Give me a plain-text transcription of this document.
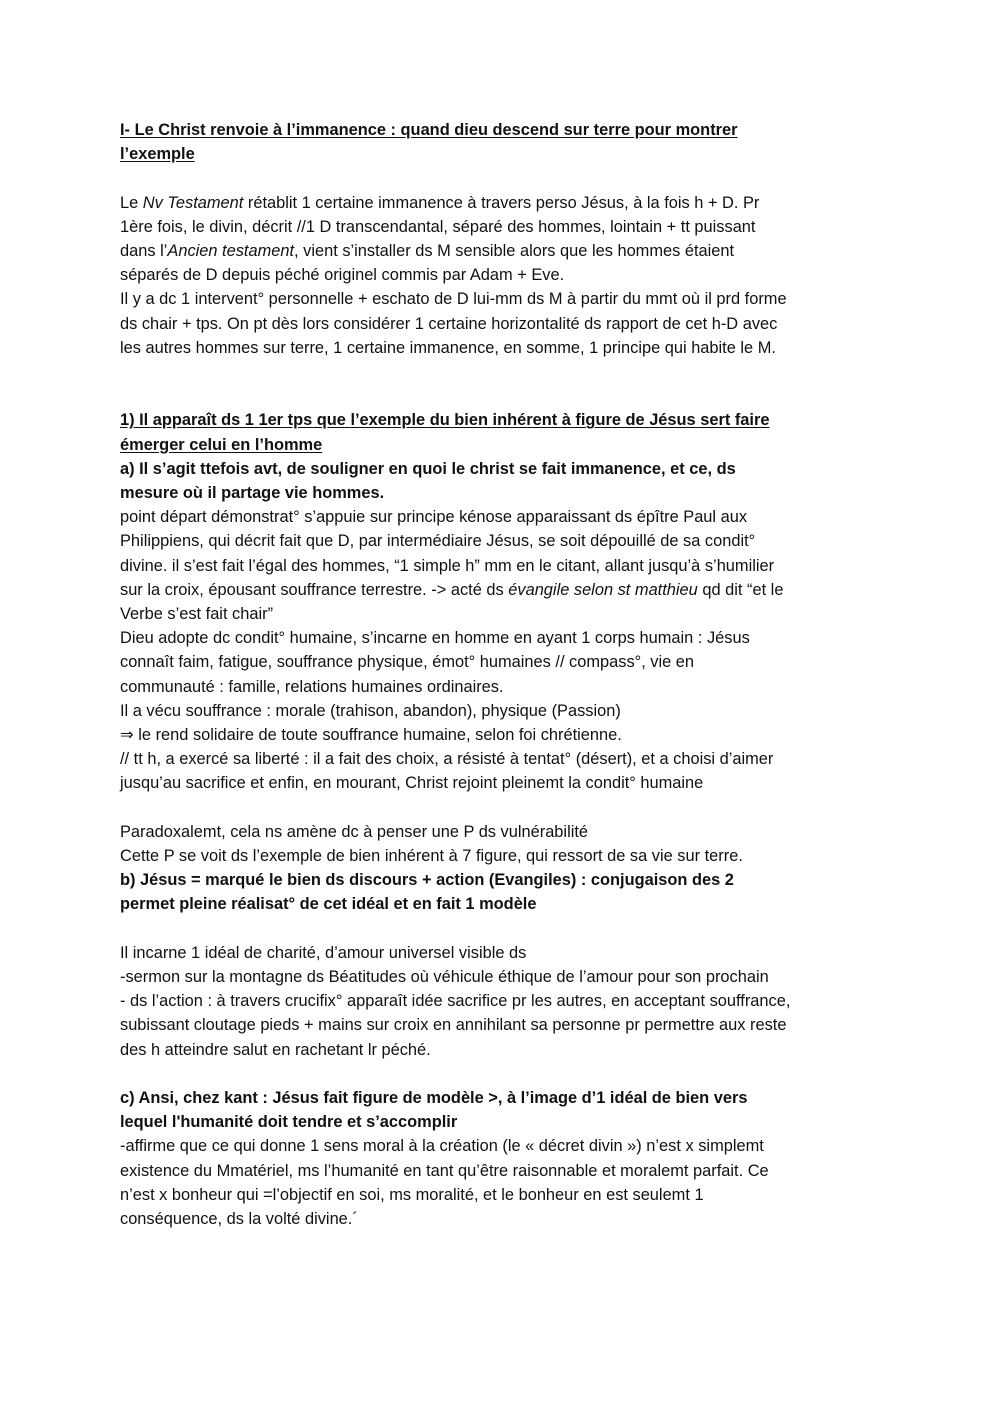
I- Le Christ renvoie à l’immanence : quand dieu descend sur terre pour montrer
l’exemple
Le Nv Testament rétablit 1 certaine immanence à travers perso Jésus, à la fois h + D. Pr
1ère fois, le divin, décrit //1 D transcendantal, séparé des hommes, lointain + tt puissant
dans l’Ancien testament, vient s’installer ds M sensible alors que les hommes étaient
séparés de D depuis péché originel commis par Adam + Eve.
Il y a dc 1 intervent° personnelle + eschato de D lui-mm ds M à partir du mmt où il prd forme
ds chair + tps. On pt dès lors considérer 1 certaine horizontalité ds rapport de cet h-D avec
les autres hommes sur terre, 1 certaine immanence, en somme, 1 principe qui habite le M.
1) Il apparaît ds 1 1er tps que l’exemple du bien inhérent à figure de Jésus sert faire
émerger celui en l’homme
a) Il s’agit ttefois avt, de souligner en quoi le christ se fait immanence, et ce, ds
mesure où il partage vie hommes.
point départ démonstrat° s’appuie sur principe kénose apparaissant ds épître Paul aux
Philippiens, qui décrit fait que D, par intermédiaire Jésus, se soit dépouillé de sa condit°
divine. il s’est fait l’égal des hommes, “1 simple h” mm en le citant, allant jusqu’à s’humilier
sur la croix, épousant souffrance terrestre. -> acté ds évangile selon st matthieu qd dit “et le
Verbe s’est fait chair”
Dieu adopte dc condit° humaine, s’incarne en homme en ayant 1 corps humain : Jésus
connaît faim, fatigue, souffrance physique, émot° humaines // compass°, vie en
communauté : famille, relations humaines ordinaires.
Il a vécu souffrance : morale (trahison, abandon), physique (Passion)
⇒ le rend solidaire de toute souffrance humaine, selon foi chrétienne.
// tt h, a exercé sa liberté : il a fait des choix, a résisté à tentat° (désert), et a choisi d’aimer
jusqu’au sacrifice et enfin, en mourant, Christ rejoint pleinemt la condit° humaine
Paradoxalemt, cela ns amène dc à penser une P ds vulnérabilité
Cette P se voit ds l’exemple de bien inhérent à 7 figure, qui ressort de sa vie sur terre.
b) Jésus = marqué le bien ds discours + action (Evangiles) : conjugaison des 2
permet pleine réalisat° de cet idéal et en fait 1 modèle
Il incarne 1 idéal de charité, d’amour universel visible ds
-sermon sur la montagne ds Béatitudes où véhicule éthique de l’amour pour son prochain
- ds l’action : à travers crucifix° apparaît idée sacrifice pr les autres, en acceptant souffrance,
subissant cloutage pieds + mains sur croix en annihilant sa personne pr permettre aux reste
des h atteindre salut en rachetant lr péché.
c) Ansi, chez kant : Jésus fait figure de modèle >, à l’image d’1 idéal de bien vers
lequel l'humanité doit tendre et s’accomplir
-affirme que ce qui donne 1 sens moral à la création (le « décret divin ») n’est x simplemt
existence du Mmatériel, ms l’humanité en tant qu’être raisonnable et moralemt parfait. Ce
n’est x bonheur qui =l’objectif en soi, ms moralité, et le bonheur en est seulemt 1
conséquence, ds la volté divine.´
